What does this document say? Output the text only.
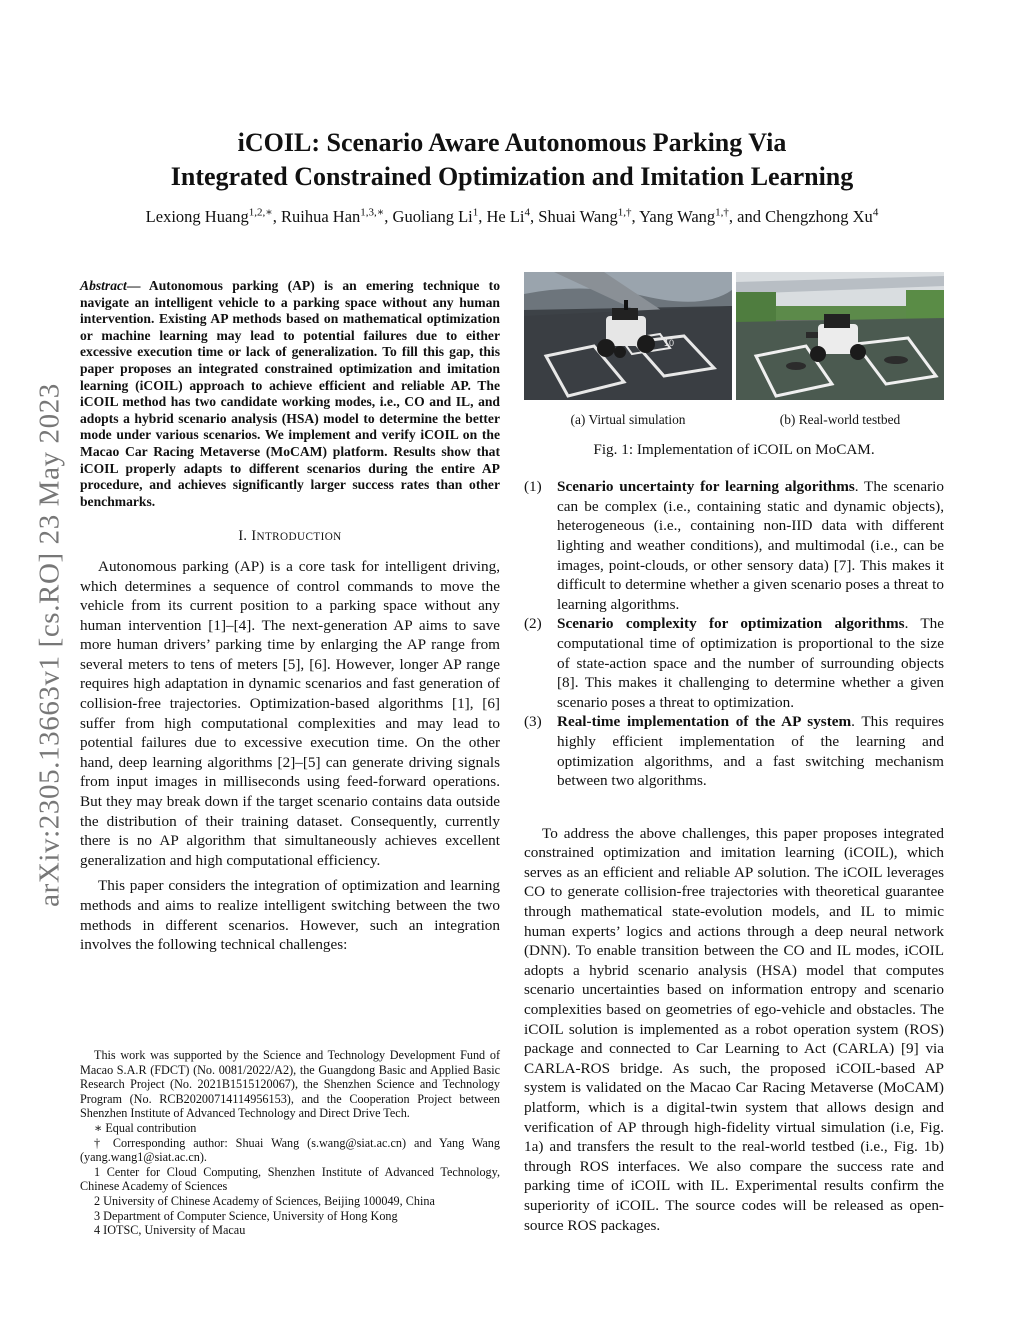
iCOIL: Scenario Aware Autonomous Parking Via
Integrated Constrained Optimization and Imitation Learning
Lexiong Huang$^{1,2,∗}$, Ruihua Han$^{1,3,∗}$, Guoliang Li$^1$, He Li$^4$, Shuai Wang$^{1,\dagger}$, Yang Wang$^{1,\dagger}$, and Chengzhong Xu$^4$
arXiv:2305.13663v1 [cs.RO] 23 May 2023
Abstract— Autonomous parking (AP) is an emering technique to navigate an intelligent vehicle to a parking space without any human intervention. Existing AP methods based on mathematical optimization or machine learning may lead to potential failures due to either excessive execution time or lack of generalization. To fill this gap, this paper proposes an integrated constrained optimization and imitation learning (iCOIL) approach to achieve efficient and reliable AP. The iCOIL method has two candidate working modes, i.e., CO and IL, and adopts a hybrid scenario analysis (HSA) model to determine the better mode under various scenarios. We implement and verify iCOIL on the Macao Car Racing Metaverse (MoCAM) platform. Results show that iCOIL properly adapts to different scenarios during the entire AP procedure, and achieves significantly larger success rates than other benchmarks.
I. INTRODUCTION

Autonomous parking (AP) is a core task for intelligent driving, which determines a sequence of control commands to move the vehicle from its current position to a parking space without any human intervention [1]–[4]. The next-generation AP aims to save more human drivers’ parking time by enlarging the AP range from several meters to tens of meters [5], [6]. However, longer AP range requires high adaptation in dynamic scenarios and fast generation of collision-free trajectories. Optimization-based algorithms [1], [6] suffer from high computational complexities and may lead to potential failures due to excessive execution time. On the other hand, deep learning algorithms [2]–[5] can generate driving signals from input images in milliseconds using feed-forward operations. But they may break down if the target scenario contains data outside the distribution of their training dataset. Consequently, currently there is no AP algorithm that simultaneously achieves excellent generalization and high computational efficiency.

This paper considers the integration of optimization and learning methods and aims to realize intelligent switching between the two methods in different scenarios. However, such an integration involves the following technical challenges:

This work was supported by the Science and Technology Development Fund of Macao S.A.R (FDCT) (No. 0081/2022/A2), the Guangdong Basic and Applied Basic Research Project (No. 2021B1515120067), the Shenzhen Science and Technology Program (No. RCB20200714114956153), and the Cooperation Project between Shenzhen Institute of Advanced Technology and Direct Drive Tech.
∗ Equal contribution
† Corresponding author: Shuai Wang (s.wang@siat.ac.cn) and Yang Wang (yang.wang1@siat.ac.cn).
1 Center for Cloud Computing, Shenzhen Institute of Advanced Technology, Chinese Academy of Sciences
2 University of Chinese Academy of Sciences, Beijing 100049, China
3 Department of Computer Science, University of Hong Kong
4 IOTSC, University of Macau
10
(a) Virtual simulation	(b) Real-world testbed
Fig. 1: Implementation of iCOIL on MoCAM.
(1)	Scenario uncertainty for learning algorithms. The scenario can be complex (i.e., containing static and dynamic objects), heterogeneous (i.e., containing non-IID data with different lighting and weather conditions), and multimodal (i.e., can be images, point-clouds, or other sensory data) [7]. This makes it difficult to determine whether a given scenario poses a threat to learning algorithms.
(2)	Scenario complexity for optimization algorithms. The computational time of optimization is proportional to the size of state-action space and the number of surrounding objects [8]. This makes it challenging to determine whether a given scenario poses a threat to optimization.
(3)	Real-time implementation of the AP system. This requires highly efficient implementation of the learning and optimization algorithms, and a fast switching mechanism between two algorithms.

To address the above challenges, this paper proposes integrated constrained optimization and imitation learning (iCOIL), which serves as an efficient and reliable AP solution. The iCOIL leverages CO to generate collision-free trajectories with theoretical guarantee through mathematical state-evolution models, and IL to mimic human experts’ logics and actions through a deep neural network (DNN). To enable transition between the CO and IL modes, iCOIL adopts a hybrid scenario analysis (HSA) model that computes scenario uncertainties based on information entropy and scenario complexities based on geometries of ego-vehicle and obstacles. The iCOIL solution is implemented as a robot operation system (ROS) package and connected to Car Learning to Act (CARLA) [9] via CARLA-ROS bridge. As such, the proposed iCOIL-based AP system is validated on the Macao Car Racing Metaverse (MoCAM) platform, which is a digital-twin system that allows design and verification of AP through high-fidelity virtual simulation (i.e, Fig. 1a) and transfers the result to the real-world testbed (i.e., Fig. 1b) through ROS interfaces. We also compare the success rate and parking time of iCOIL with IL. Experimental results confirm the superiority of iCOIL. The source codes will be released as open-source ROS packages.
